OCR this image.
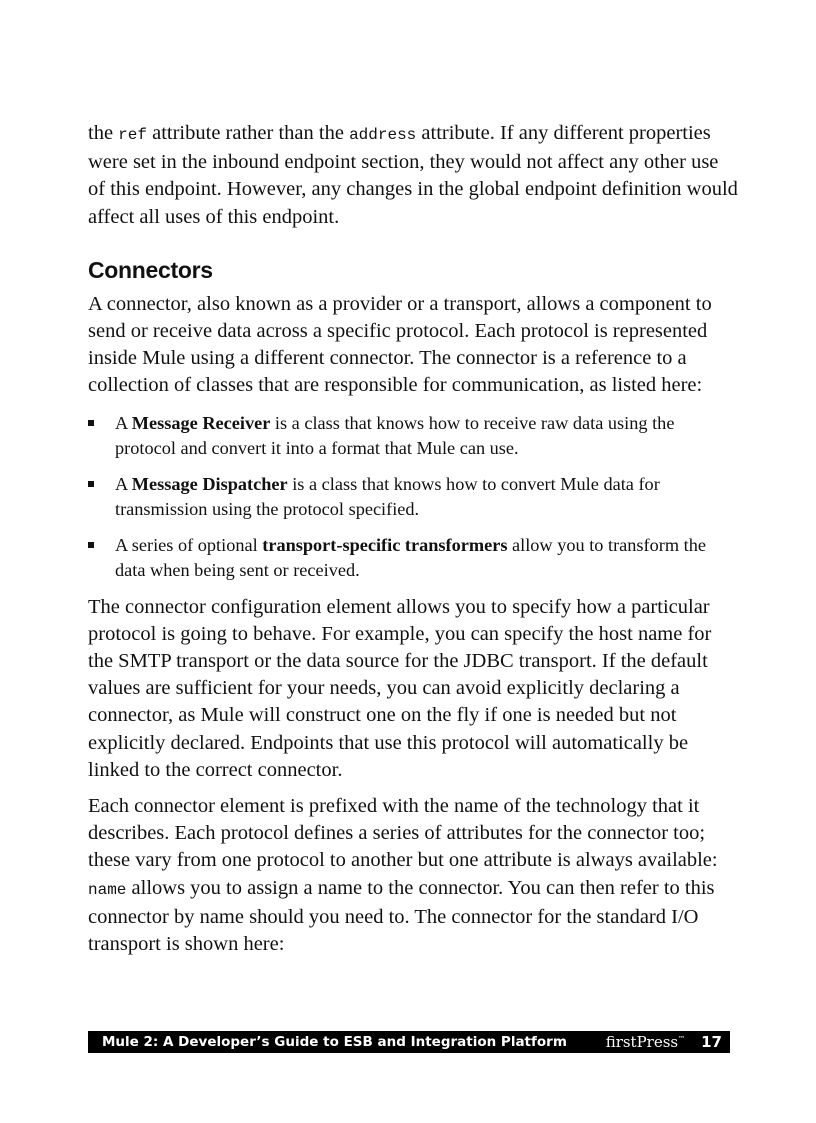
the ref attribute rather than the address attribute. If any different properties were set in the inbound endpoint section, they would not affect any other use of this endpoint. However, any changes in the global endpoint definition would affect all uses of this endpoint.

Connectors

A connector, also known as a provider or a transport, allows a component to send or receive data across a specific protocol. Each protocol is represented inside Mule using a different connector. The connector is a reference to a collection of classes that are responsible for communication, as listed here:

A Message Receiver is a class that knows how to receive raw data using the protocol and convert it into a format that Mule can use.
A Message Dispatcher is a class that knows how to convert Mule data for transmission using the protocol specified.
A series of optional transport-specific transformers allow you to transform the data when being sent or received.

The connector configuration element allows you to specify how a particular protocol is going to behave. For example, you can specify the host name for the SMTP transport or the data source for the JDBC transport. If the default values are sufficient for your needs, you can avoid explicitly declaring a connector, as Mule will construct one on the fly if one is needed but not explicitly declared. Endpoints that use this protocol will automatically be linked to the correct connector.

Each connector element is prefixed with the name of the technology that it describes. Each protocol defines a series of attributes for the connector too; these vary from one protocol to another but one attribute is always available: name allows you to assign a name to the connector. You can then refer to this connector by name should you need to. The connector for the standard I/O transport is shown here:

Mule 2: A Developer’s Guide to ESB and Integration Platform	firstPress™ 17
